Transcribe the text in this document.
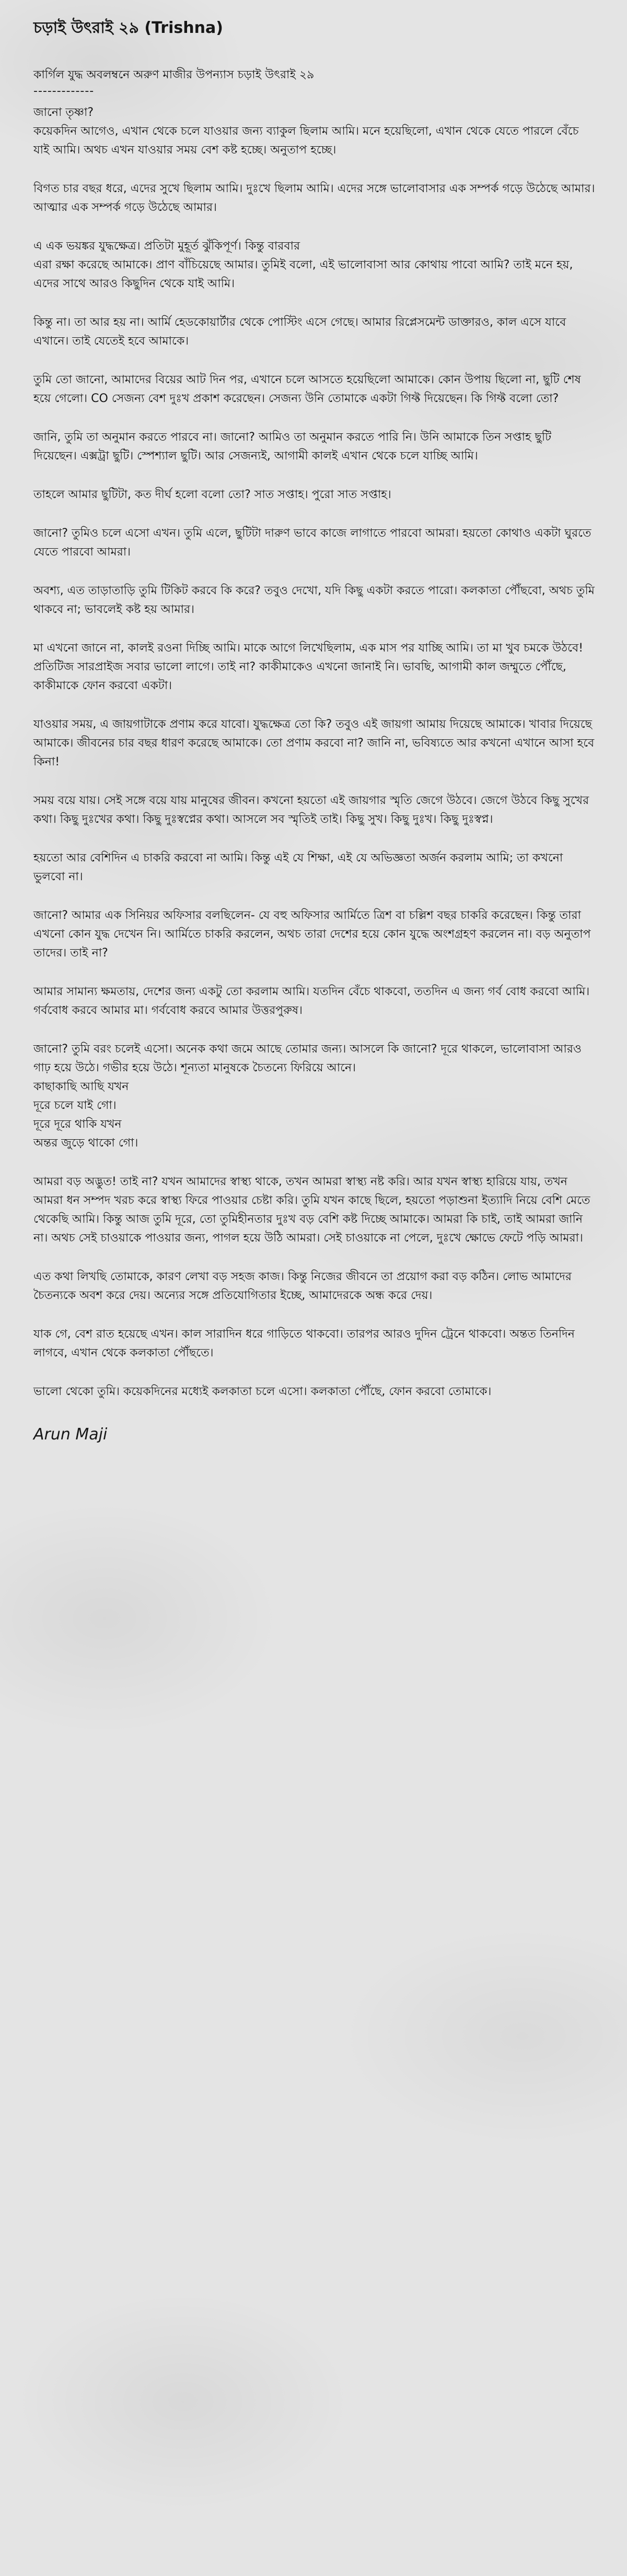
চড়াই উৎরাই ২৯ (Trishna)
কার্গিল যুদ্ধ অবলম্বনে অরুণ মাজীর উপন্যাস চড়াই উৎরাই ২৯
-------------
জানো তৃষ্ণা?
কয়েকদিন আগেও, এখান থেকে চলে যাওয়ার জন্য ব্যাকুল ছিলাম আমি। মনে হয়েছিলো, এখান থেকে যেতে পারলে বেঁচে যাই আমি। অথচ এখন যাওয়ার সময় বেশ কষ্ট হচ্ছে। অনুতাপ হচ্ছে।
বিগত চার বছর ধরে, এদের সুখে ছিলাম আমি। দুঃখে ছিলাম আমি। এদের সঙ্গে ভালোবাসার এক সম্পর্ক গড়ে উঠেছে আমার। আত্মার এক সম্পর্ক গড়ে উঠেছে আমার।
এ এক ভয়ঙ্কর যুদ্ধক্ষেত্র। প্রতিটা মুহূর্ত ঝুঁকিপূর্ণ। কিন্তু বারবার
এরা রক্ষা করেছে আমাকে। প্রাণ বাঁচিয়েছে আমার। তুমিই বলো, এই ভালোবাসা আর কোথায় পাবো আমি? তাই মনে হয়, এদের সাথে আরও কিছুদিন থেকে যাই আমি।
কিন্তু না। তা আর হয় না। আর্মি হেডকোয়ার্টার থেকে পোস্টিং এসে গেছে। আমার রিপ্লেসমেন্ট ডাক্তারও, কাল এসে যাবে এখানে। তাই যেতেই হবে আমাকে।
তুমি তো জানো, আমাদের বিয়ের আট দিন পর, এখানে চলে আসতে হয়েছিলো আমাকে। কোন উপায় ছিলো না, ছুটি শেষ হয়ে গেলো। CO সেজন্য বেশ দুঃখ প্রকাশ করেছেন। সেজন্য উনি তোমাকে একটা গিফ্ট দিয়েছেন। কি গিফ্ট বলো তো?
জানি, তুমি তা অনুমান করতে পারবে না। জানো? আমিও তা অনুমান করতে পারি নি। উনি আমাকে তিন সপ্তাহ ছুটি দিয়েছেন। এক্সট্রা ছুটি। স্পেশ্যাল ছুটি। আর সেজন্যই, আগামী কালই এখান থেকে চলে যাচ্ছি আমি।
তাহলে আমার ছুটিটা, কত দীর্ঘ হলো বলো তো? সাত সপ্তাহ। পুরো সাত সপ্তাহ।
জানো? তুমিও চলে এসো এখন। তুমি এলে, ছুটিটা দারুণ ভাবে কাজে লাগাতে পারবো আমরা। হয়তো কোথাও একটা ঘুরতে যেতে পারবো আমরা।
অবশ্য, এত তাড়াতাড়ি তুমি টিকিট করবে কি করে? তবুও দেখো, যদি কিছু একটা করতে পারো। কলকাতা পৌঁছবো, অথচ তুমি থাকবে না; ভাবলেই কষ্ট হয় আমার।
মা এখনো জানে না, কালই রওনা দিচ্ছি আমি। মাকে আগে লিখেছিলাম, এক মাস পর যাচ্ছি আমি। তা মা খুব চমকে উঠবে! প্রতিটিজ সারপ্রাইজ সবার ভালো লাগে। তাই না? কাকীমাকেও এখনো জানাই নি। ভাবছি, আগামী কাল জম্মুতে পৌঁছে, কাকীমাকে ফোন করবো একটা।
যাওয়ার সময়, এ জায়গাটাকে প্রণাম করে যাবো। যুদ্ধক্ষেত্র তো কি? তবুও এই জায়গা আমায় দিয়েছে আমাকে। খাবার দিয়েছে আমাকে। জীবনের চার বছর ধারণ করেছে আমাকে। তো প্রণাম করবো না? জানি না, ভবিষ্যতে আর কখনো এখানে আসা হবে কিনা!
সময় বয়ে যায়। সেই সঙ্গে বয়ে যায় মানুষের জীবন। কখনো হয়তো এই জায়গার স্মৃতি জেগে উঠবে। জেগে উঠবে কিছু সুখের কথা। কিছু দুঃখের কথা। কিছু দুঃস্বপ্নের কথা। আসলে সব স্মৃতিই তাই। কিছু সুখ। কিছু দুঃখ। কিছু দুঃস্বপ্ন।
হয়তো আর বেশিদিন এ চাকরি করবো না আমি। কিন্তু এই যে শিক্ষা, এই যে অভিজ্ঞতা অর্জন করলাম আমি; তা কখনো ভুলবো না।
জানো? আমার এক সিনিয়র অফিসার বলছিলেন- যে বহু অফিসার আর্মিতে ত্রিশ বা চল্লিশ বছর চাকরি করেছেন। কিন্তু তারা এখনো কোন যুদ্ধ দেখেন নি। আর্মিতে চাকরি করলেন, অথচ তারা দেশের হয়ে কোন যুদ্ধে অংশগ্রহণ করলেন না। বড় অনুতাপ তাদের। তাই না?
আমার সামান্য ক্ষমতায়, দেশের জন্য একটু তো করলাম আমি। যতদিন বেঁচে থাকবো, ততদিন এ জন্য গর্ব বোধ করবো আমি। গর্ববোধ করবে আমার মা। গর্ববোধ করবে আমার উত্তরপুরুষ।
জানো? তুমি বরং চলেই এসো। অনেক কথা জমে আছে তোমার জন্য। আসলে কি জানো? দূরে থাকলে, ভালোবাসা আরও গাঢ় হয়ে উঠে। গভীর হয়ে উঠে। শূন্যতা মানুষকে চৈতন্যে ফিরিয়ে আনে।
কাছাকাছি আছি যখন
দূরে চলে যাই গো।
দূরে দূরে থাকি যখন
অন্তর জুড়ে থাকো গো।
আমরা বড় অদ্ভুত! তাই না? যখন আমাদের স্বাস্থ্য থাকে, তখন আমরা স্বাস্থ্য নষ্ট করি। আর যখন স্বাস্থ্য হারিয়ে যায়, তখন আমরা ধন সম্পদ খরচ করে স্বাস্থ্য ফিরে পাওয়ার চেষ্টা করি। তুমি যখন কাছে ছিলে, হয়তো পড়াশুনা ইত্যাদি নিয়ে বেশি মেতে থেকেছি আমি। কিন্তু আজ তুমি দূরে, তো তুমিহীনতার দুঃখ বড় বেশি কষ্ট দিচ্ছে আমাকে। আমরা কি চাই, তাই আমরা জানি না। অথচ সেই চাওয়াকে পাওয়ার জন্য, পাগল হয়ে উঠি আমরা। সেই চাওয়াকে না পেলে, দুঃখে ক্ষোভে ফেটে পড়ি আমরা।
এত কথা লিখছি তোমাকে, কারণ লেখা বড় সহজ কাজ। কিন্তু নিজের জীবনে তা প্রয়োগ করা বড় কঠিন। লোভ আমাদের চৈতন্যকে অবশ করে দেয়। অন্যের সঙ্গে প্রতিযোগিতার ইচ্ছে, আমাদেরকে অন্ধ করে দেয়।
যাক গে, বেশ রাত হয়েছে এখন। কাল সারাদিন ধরে গাড়িতে থাকবো। তারপর আরও দুদিন ট্রেনে থাকবো। অন্তত তিনদিন লাগবে, এখান থেকে কলকাতা পৌঁছতে।
ভালো থেকো তুমি। কয়েকদিনের মধ্যেই কলকাতা চলে এসো। কলকাতা পৌঁছে, ফোন করবো তোমাকে।
Arun Maji
